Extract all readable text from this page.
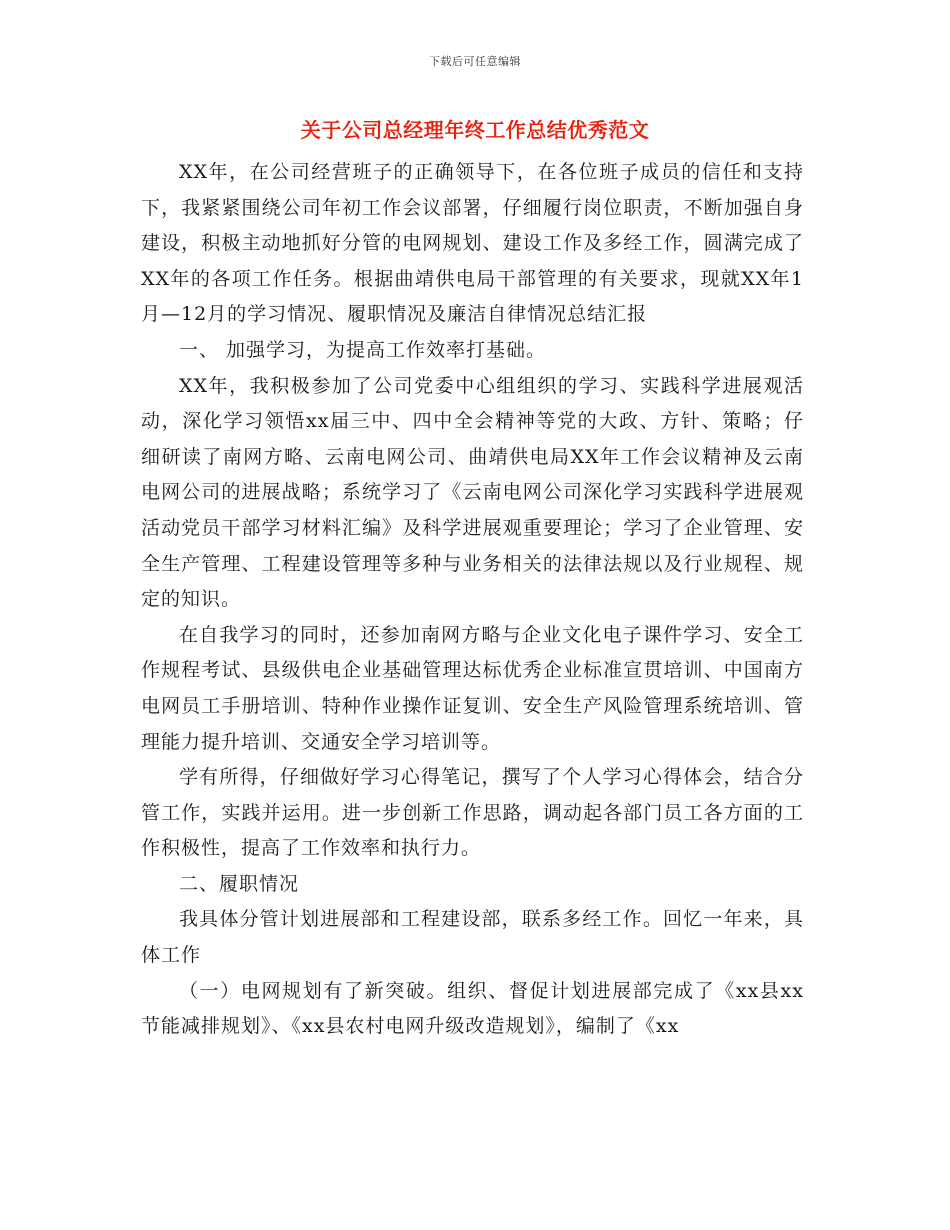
下载后可任意编辑
关于公司总经理年终工作总结优秀范文

XX年，在公司经营班子的正确领导下，在各位班子成员的信任和支持下，我紧紧围绕公司年初工作会议部署，仔细履行岗位职责，不断加强自身建设，积极主动地抓好分管的电网规划、建设工作及多经工作，圆满完成了XX年的各项工作任务。根据曲靖供电局干部管理的有关要求，现就XX年1月—12月的学习情况、履职情况及廉洁自律情况总结汇报

一、 加强学习，为提高工作效率打基础。

XX年，我积极参加了公司党委中心组组织的学习、实践科学进展观活动，深化学习领悟xx届三中、四中全会精神等党的大政、方针、策略；仔细研读了南网方略、云南电网公司、曲靖供电局XX年工作会议精神及云南电网公司的进展战略；系统学习了《云南电网公司深化学习实践科学进展观活动党员干部学习材料汇编》及科学进展观重要理论；学习了企业管理、安全生产管理、工程建设管理等多种与业务相关的法律法规以及行业规程、规定的知识。

在自我学习的同时，还参加南网方略与企业文化电子课件学习、安全工作规程考试、县级供电企业基础管理达标优秀企业标准宣贯培训、中国南方电网员工手册培训、特种作业操作证复训、安全生产风险管理系统培训、管理能力提升培训、交通安全学习培训等。

学有所得，仔细做好学习心得笔记，撰写了个人学习心得体会，结合分管工作，实践并运用。进一步创新工作思路，调动起各部门员工各方面的工作积极性，提高了工作效率和执行力。

二、履职情况

我具体分管计划进展部和工程建设部，联系多经工作。回忆一年来，具体工作

（一）电网规划有了新突破。组织、督促计划进展部完成了《xx县xx节能减排规划》、《xx县农村电网升级改造规划》，编制了《xx
